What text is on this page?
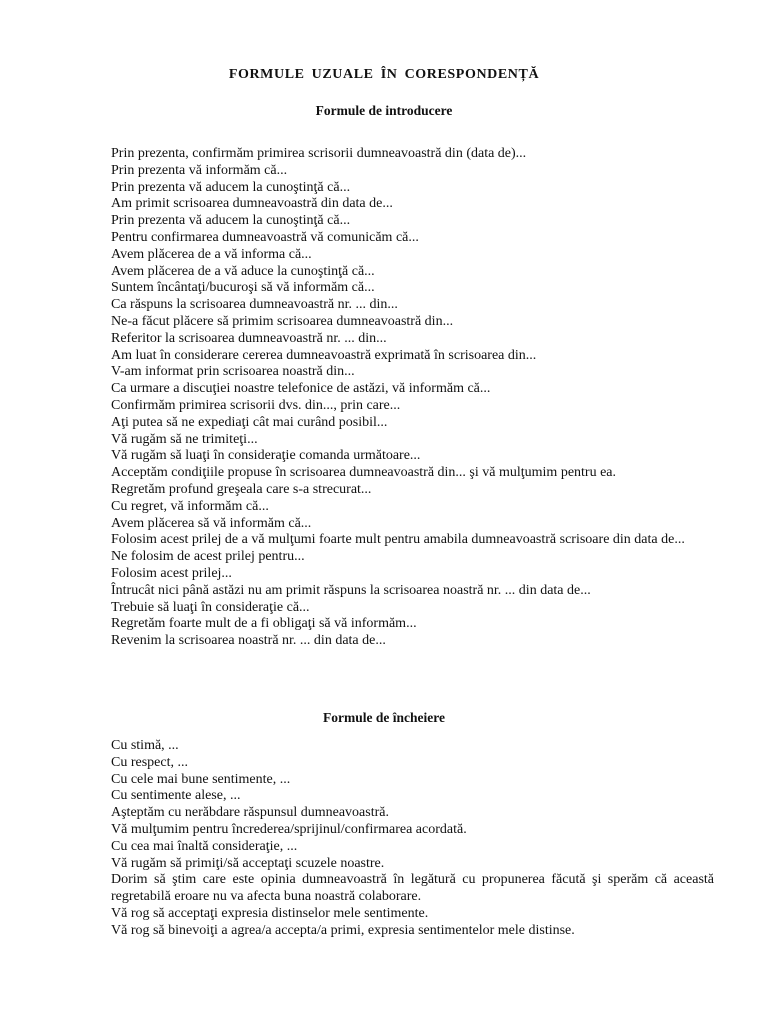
FORMULE UZUALE ÎN CORESPONDENȚĂ
Formule de introducere
Prin prezenta, confirmăm primirea scrisorii dumneavoastră din (data de)...
Prin prezenta vă informăm că...
Prin prezenta vă aducem la cunoştinţă că...
Am primit scrisoarea dumneavoastră din data de...
Prin prezenta vă aducem la cunoştinţă că...
Pentru confirmarea dumneavoastră vă comunicăm că...
Avem plăcerea de a vă informa că...
Avem plăcerea de a vă aduce la cunoştinţă că...
Suntem încântaţi/bucuroşi să vă informăm că...
Ca răspuns la scrisoarea dumneavoastră nr. ... din...
Ne-a făcut plăcere să primim scrisoarea dumneavoastră din...
Referitor la scrisoarea dumneavoastră nr. ... din...
Am luat în considerare cererea dumneavoastră exprimată în scrisoarea din...
V-am informat prin scrisoarea noastră din...
Ca urmare a discuţiei noastre telefonice de astăzi, vă informăm că...
Confirmăm primirea scrisorii dvs. din..., prin care...
Aţi putea să ne expediaţi cât mai curând posibil...
Vă rugăm să ne trimiteţi...
Vă rugăm să luaţi în consideraţie comanda următoare...
Acceptăm condiţiile propuse în scrisoarea dumneavoastră din... şi vă mulţumim pentru ea.
Regretăm profund greşeala care s-a strecurat...
Cu regret, vă informăm că...
Avem plăcerea să vă informăm că...
Folosim acest prilej de a vă mulţumi foarte mult pentru amabila dumneavoastră scrisoare din data de...
Ne folosim de acest prilej pentru...
Folosim acest prilej...
Întrucât nici până astăzi nu am primit răspuns la scrisoarea noastră nr. ... din data de...
Trebuie să luaţi în consideraţie că...
Regretăm foarte mult de a fi obligaţi să vă informăm...
Revenim la scrisoarea noastră nr. ... din data de...
Formule de încheiere
Cu stimă, ...
Cu respect, ...
Cu cele mai bune sentimente, ...
Cu sentimente alese, ...
Aşteptăm cu nerăbdare răspunsul dumneavoastră.
Vă mulţumim pentru încrederea/sprijinul/confirmarea acordată.
Cu cea mai înaltă consideraţie, ...
Vă rugăm să primiţi/să acceptaţi scuzele noastre.
Dorim să ştim care este opinia dumneavoastră în legătură cu propunerea făcută şi sperăm că această regretabilă eroare nu va afecta buna noastră colaborare.
Vă rog să acceptaţi expresia distinselor mele sentimente.
Vă rog să binevoiţi a agrea/a accepta/a primi, expresia sentimentelor mele distinse.
